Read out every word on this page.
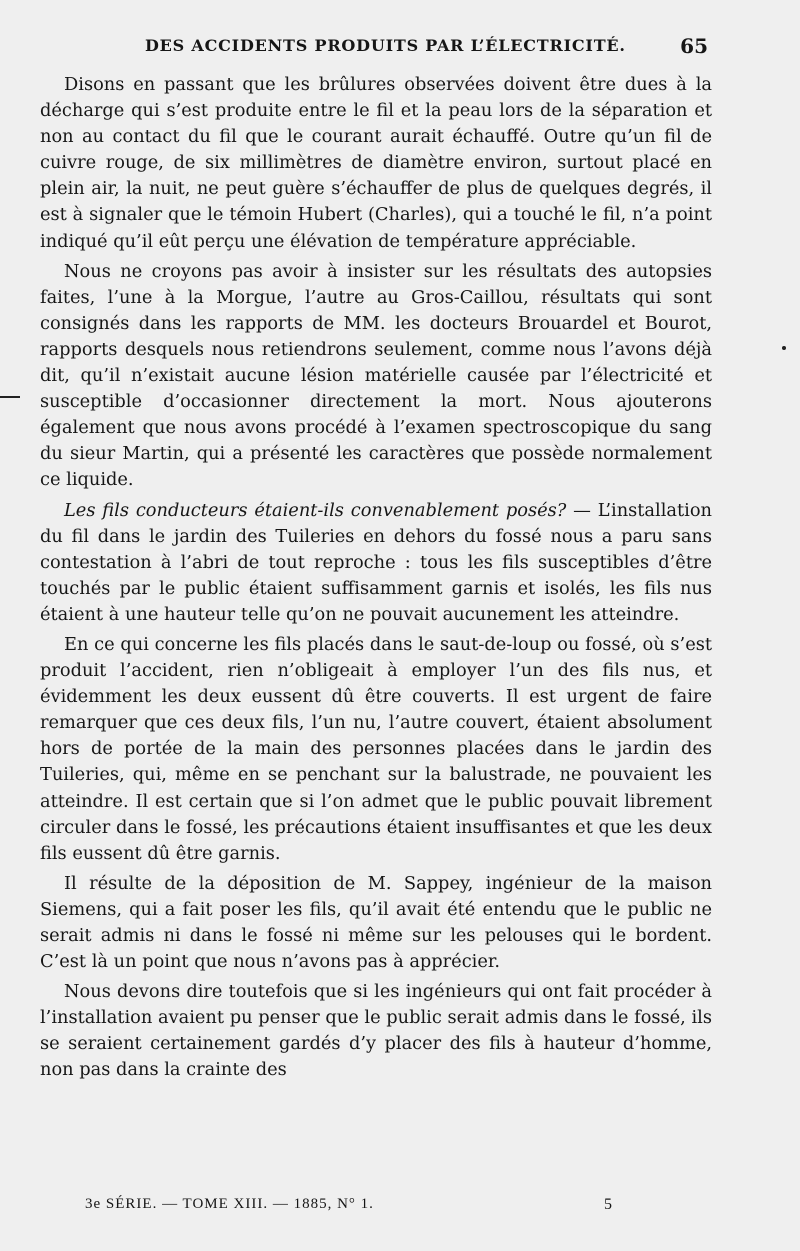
DES ACCIDENTS PRODUITS PAR L’ÉLECTRICITÉ.	65

Disons en passant que les brûlures observées doivent être dues à la décharge qui s’est produite entre le fil et la peau lors de la séparation et non au contact du fil que le courant aurait échauffé. Outre qu’un fil de cuivre rouge, de six millimètres de diamètre environ, surtout placé en plein air, la nuit, ne peut guère s’échauffer de plus de quelques degrés, il est à signaler que le témoin Hubert (Charles), qui a touché le fil, n’a point indiqué qu’il eût perçu une élévation de température appréciable.

Nous ne croyons pas avoir à insister sur les résultats des autopsies faites, l’une à la Morgue, l’autre au Gros-Caillou, résultats qui sont consignés dans les rapports de MM. les docteurs Brouardel et Bourot, rapports desquels nous retiendrons seulement, comme nous l’avons déjà dit, qu’il n’existait aucune lésion matérielle causée par l’électricité et susceptible d’occasionner directement la mort. Nous ajouterons également que nous avons procédé à l’examen spectroscopique du sang du sieur Martin, qui a présenté les caractères que possède normalement ce liquide.

Les fils conducteurs étaient-ils convenablement posés? — L’installation du fil dans le jardin des Tuileries en dehors du fossé nous a paru sans contestation à l’abri de tout reproche : tous les fils susceptibles d’être touchés par le public étaient suffisamment garnis et isolés, les fils nus étaient à une hauteur telle qu’on ne pouvait aucunement les atteindre.

En ce qui concerne les fils placés dans le saut-de-loup ou fossé, où s’est produit l’accident, rien n’obligeait à employer l’un des fils nus, et évidemment les deux eussent dû être couverts. Il est urgent de faire remarquer que ces deux fils, l’un nu, l’autre couvert, étaient absolument hors de portée de la main des personnes placées dans le jardin des Tuileries, qui, même en se penchant sur la balustrade, ne pouvaient les atteindre. Il est certain que si l’on admet que le public pouvait librement circuler dans le fossé, les précautions étaient insuffisantes et que les deux fils eussent dû être garnis.

Il résulte de la déposition de M. Sappey, ingénieur de la maison Siemens, qui a fait poser les fils, qu’il avait été entendu que le public ne serait admis ni dans le fossé ni même sur les pelouses qui le bordent. C’est là un point que nous n’avons pas à apprécier.

Nous devons dire toutefois que si les ingénieurs qui ont fait procéder à l’installation avaient pu penser que le public serait admis dans le fossé, ils se seraient certainement gardés d’y placer des fils à hauteur d’homme, non pas dans la crainte des

3e SÉRIE. — TOME XIII. — 1885, N° 1.	5
